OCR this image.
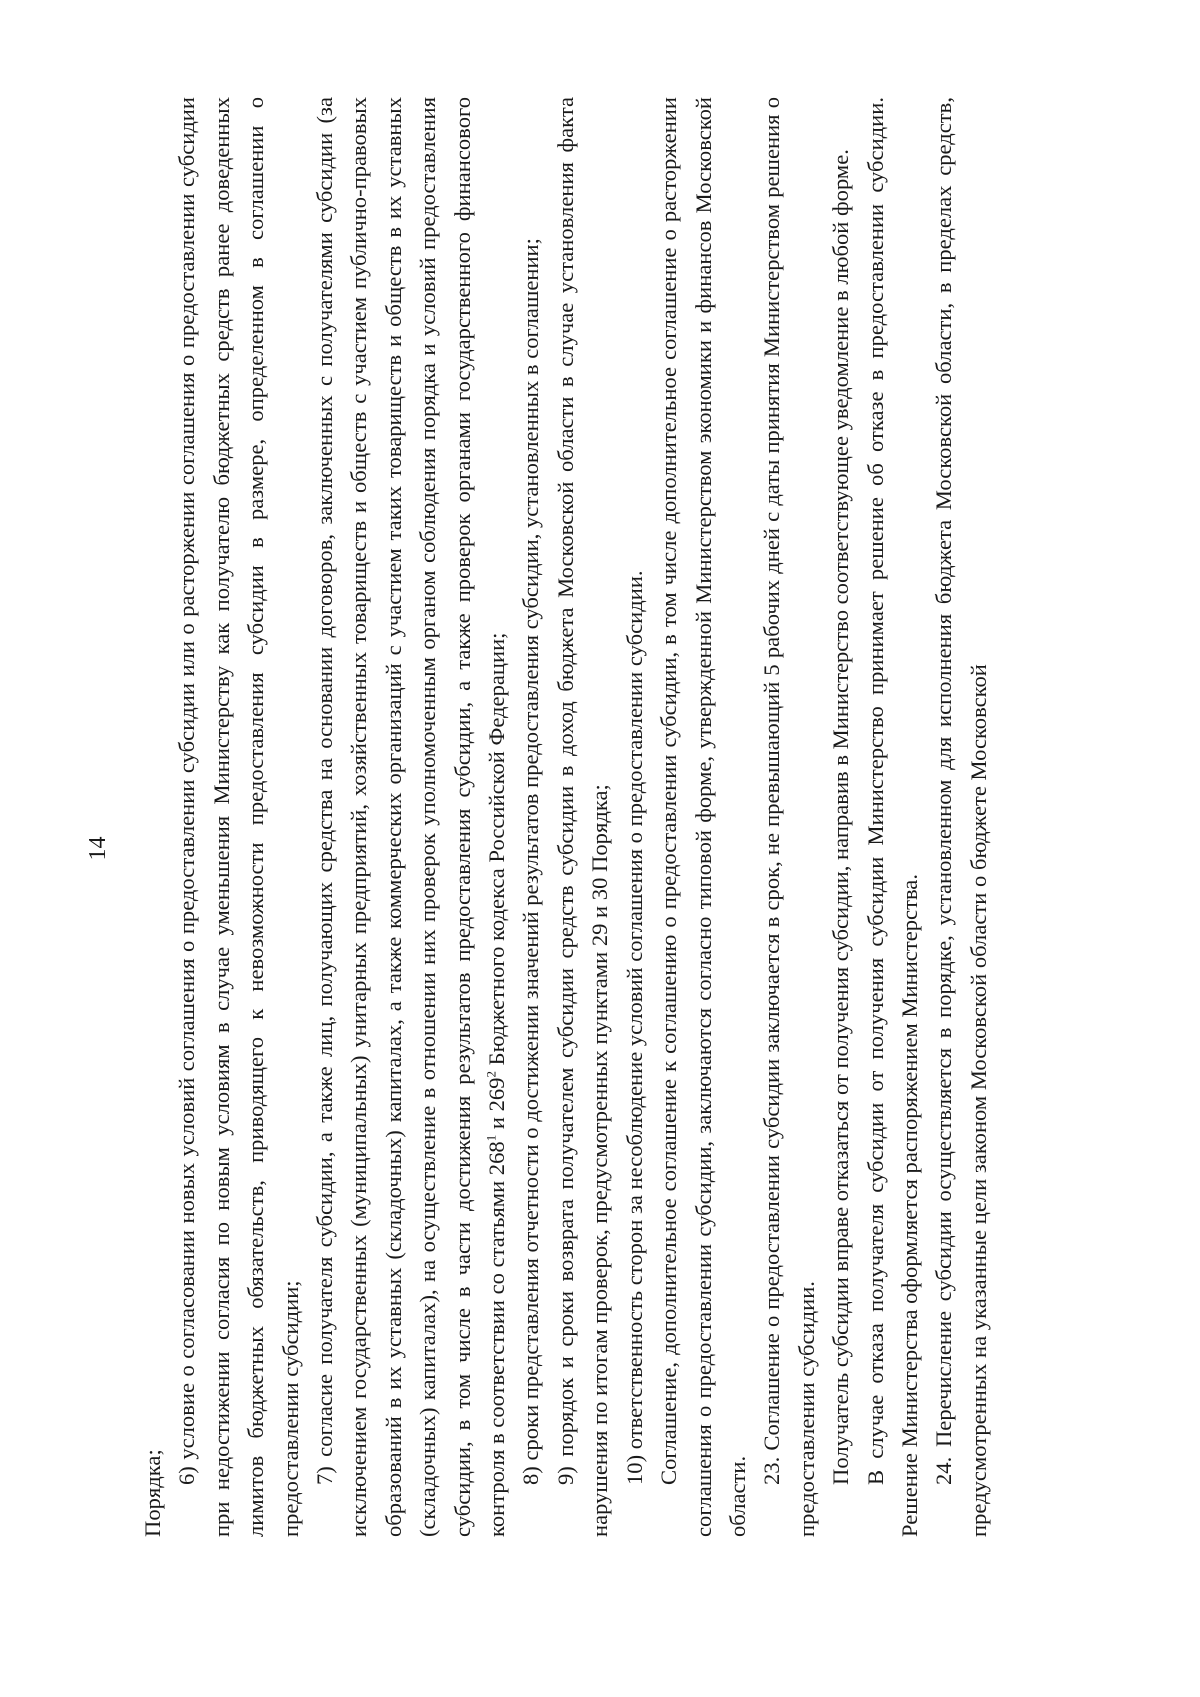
14

Порядка;

6) условие о согласовании новых условий соглашения о предоставлении субсидии или о расторжении соглашения о предоставлении субсидии при недостижении согласия по новым условиям в случае уменьшения Министерству как получателю бюджетных средств ранее доведенных лимитов бюджетных обязательств, приводящего к невозможности предоставления субсидии в размере, определенном в соглашении о предоставлении субсидии; 7) согласие получателя субсидии, а также лиц, получающих средства на основании договоров, заключенных с получателями субсидии (за исключением государственных (муниципальных) унитарных предприятий, хозяйственных товариществ и обществ с участием публично-правовых образований в их уставных (складочных) капиталах, а также коммерческих организаций с участием таких товариществ и обществ в их уставных (складочных) капиталах), на осуществление в отношении них проверок уполномоченным органом соблюдения порядка и условий предоставления субсидии, в том числе в части достижения результатов предоставления субсидии, а также проверок органами государственного финансового контроля в соответствии со статьями $268^1$ и $269^2$ Бюджетного кодекса Российской Федерации; 8) сроки представления отчетности о достижении значений результатов предоставления субсидии, установленных в соглашении; 9) порядок и сроки возврата получателем субсидии средств субсидии в доход бюджета Московской области в случае установления факта нарушения по итогам проверок, предусмотренных пунктами 29 и 30 Порядка; 10) ответственность сторон за несоблюдение условий соглашения о предоставлении субсидии. Соглашение, дополнительное соглашение к соглашению о предоставлении субсидии, в том числе дополнительное соглашение о расторжении соглашения о предоставлении субсидии, заключаются согласно типовой форме, утвержденной Министерством экономики и финансов Московской области.

23. Соглашение о предоставлении субсидии заключается в срок, не превышающий 5 рабочих дней с даты принятия Министерством решения о предоставлении субсидии. Получатель субсидии вправе отказаться от получения субсидии, направив в Министерство соответствующее уведомление в любой форме. В случае отказа получателя субсидии от получения субсидии Министерство принимает решение об отказе в предоставлении субсидии. Решение Министерства оформляется распоряжением Министерства. 24. Перечисление субсидии осуществляется в порядке, установленном для исполнения бюджета Московской области, в пределах средств, предусмотренных на указанные цели законом Московской области о бюджете Московской
